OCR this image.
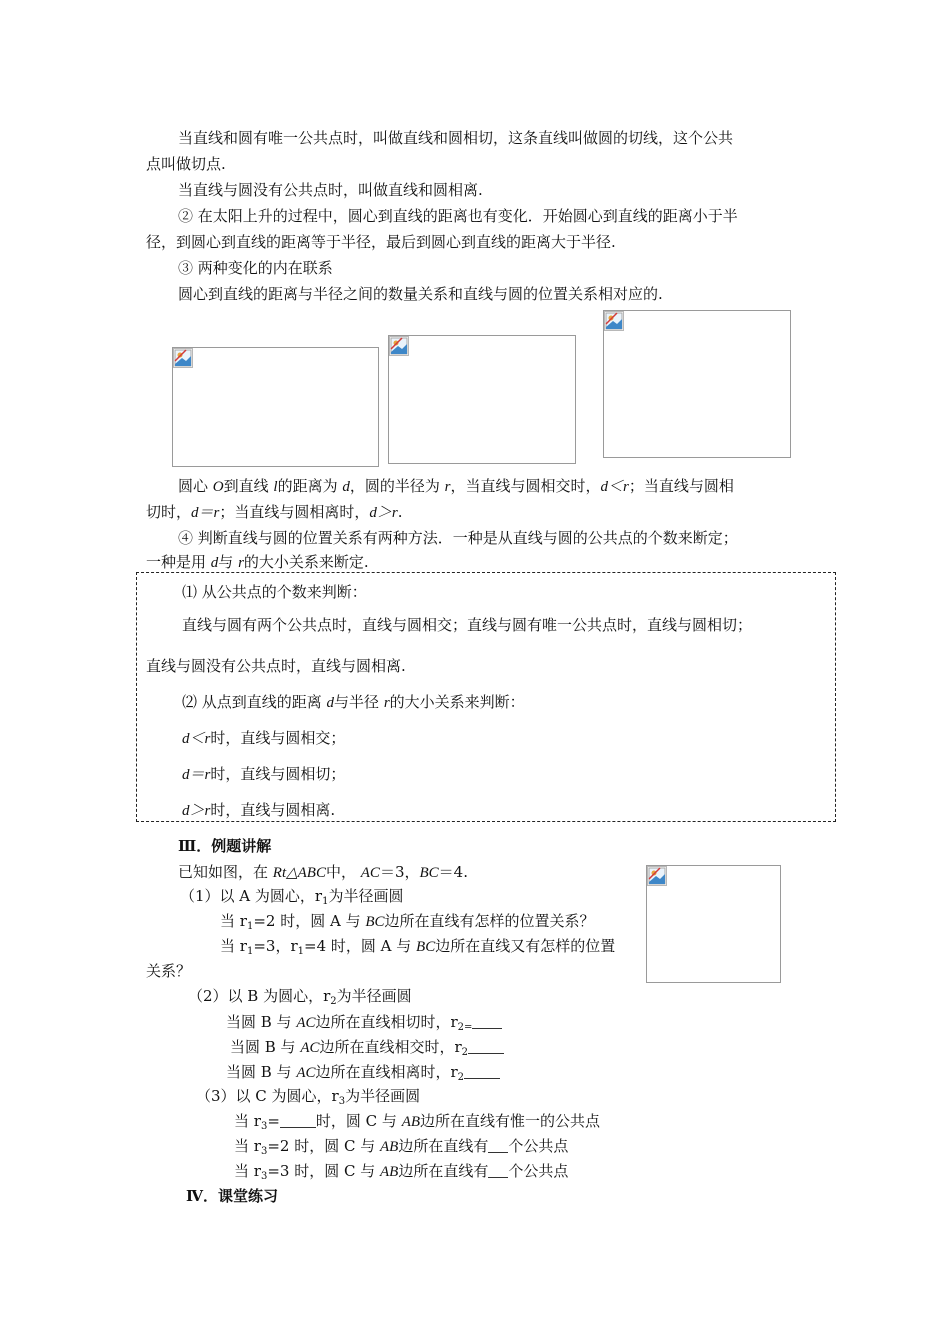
当直线和圆有唯一公共点时，叫做直线和圆相切，这条直线叫做圆的切线，这个公共
点叫做切点.
当直线与圆没有公共点时，叫做直线和圆相离.
② 在太阳上升的过程中，圆心到直线的距离也有变化．开始圆心到直线的距离小于半
径，到圆心到直线的距离等于半径，最后到圆心到直线的距离大于半径.
③ 两种变化的内在联系
圆心到直线的距离与半径之间的数量关系和直线与圆的位置关系相对应的.
圆心 O到直线 l的距离为 d，圆的半径为 r，当直线与圆相交时，d＜r；当直线与圆相
切时，d＝r；当直线与圆相离时，d＞r.
④ 判断直线与圆的位置关系有两种方法．一种是从直线与圆的公共点的个数来断定；
一种是用 d与 r的大小关系来断定.
⑴ 从公共点的个数来判断：
直线与圆有两个公共点时，直线与圆相交；直线与圆有唯一公共点时，直线与圆相切；
直线与圆没有公共点时，直线与圆相离.
⑵ 从点到直线的距离 d与半径 r的大小关系来判断：
d＜r时，直线与圆相交；
d＝r时，直线与圆相切；
d＞r时，直线与圆相离.
Ⅲ．例题讲解
已知如图，在 Rt△ABC中， AC＝3，BC＝4.
（1）以 A 为圆心，$r_1$为半径画圆
当 $r_1=2$ 时，圆 A 与 BC边所在直线有怎样的位置关系？
当 $r_1=3$，$r_1=4$ 时，圆 A 与 BC边所在直线又有怎样的位置
关系？
（2）以 B 为圆心，$r_2$为半径画圆
当圆 B 与 AC边所在直线相切时，$r_{2=}$
当圆 B 与 AC边所在直线相交时，$r_2$
当圆 B 与 AC边所在直线相离时，$r_2$
（3）以 C 为圆心，$r_3$为半径画圆
当 $r_3=$ 时，圆 C 与 AB边所在直线有惟一的公共点
当 $r_3=2$ 时，圆 C 与 AB边所在直线有 个公共点
当 $r_3=3$ 时，圆 C 与 AB边所在直线有 个公共点
Ⅳ．课堂练习
